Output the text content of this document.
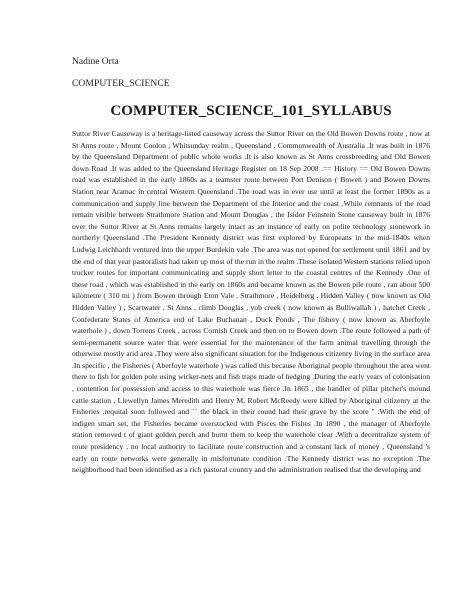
Nadine Orta

COMPUTER_SCIENCE

COMPUTER_SCIENCE_101_SYLLABUS

Suttor River Causeway is a heritage-listed causeway across the Suttor River on the Old Bowen Downs route , now at St Anns route , Mount Coolon , Whitsunday realm , Queensland , Commonwealth of Australia .It was built in 1876 by the Queensland Department of public whole works .It is also known as St Anns crossbreeding and Old Bowen down Road .It was added to the Queensland Heritage Register on 18 Sep 2008 .== History == Old Bowen Downs road was established in the early 1860s as a teamster route between Port Denison ( Bowen ) and Bowen Downs Station near Aramac in central Western Queensland .The road was in ever use until at least the former 1890s as a communication and supply line between the Department of the Interior and the coast .While remnants of the road remain visible between Strathmore Station and Mount Douglas , the Isidor Feinstein Stone causeway built in 1876 over the Suttor River at St Anns remains largely intact as an instance of early on polite technology stonework in northerly Queensland .The President Kennedy district was first explored by Europeans in the mid-1840s when Ludwig Leichhardt ventured into the upper Burdekin vale .The area was not opened for settlement until 1861 and by the end of that year pastoralists had taken up most of the run in the realm .These isolated Western stations relied upon trucker routes for important communicating and supply short letter to the coastal centres of the Kennedy .One of these road , which was established in the early on 1860s and became known as the Bowen pile route , ran about 500 kilometre ( 310 mi ) from Bowen through Eton Vale , Strathmore , Heidelberg , Hidden Valley ( now known as Old Hidden Valley ) , Scartwater , St Anns , climb Douglas , yob creek ( now known as Bulliwallah ) , hatchet Creek , Confederate States of America end of Lake Buchanan , Duck Ponds , The fishery ( now known as Aberfoyle waterhole ) , down Torrens Creek , across Cornish Creek and then on to Bowen down .The route followed a path of semi-permanent source water that were essential for the maintenance of the farm animal travelling through the otherwise mostly arid area .They were also significant situation for the Indigenous citizenry living in the surface area .In specific , the Fisheries ( Aberfoyle waterhole ) was called this because Aboriginal people throughout the area went there to fish for golden pole using wicker-nets and fish traps made of hedging .During the early years of colonisation , contention for possession and access to this waterhole was fierce .In 1865 , the handler of pillar pitcher's mound cattle station , Llewellyn James Meredith and Henry M. Robert McReedy were killed by Aboriginal citizenry at the Fisheries .requital soon followed and `` the black in their round had their grave by the score '' .With the end of indigen smart set, the Fisheries became overstocked with Pisces the Fishes .In 1890 , the manager of Aberfoyle station removed t of giant golden perch and burnt them to keep the waterhole clear .With a decentralize system of route presidency , no local authority to facilitate route construction and a constant lack of money , Queensland 's early on route networks were generally in misfortunate condition .The Kennedy district was no exception .The neighborhood had been identified as a rich pastoral country and the administration realised that the developing and
